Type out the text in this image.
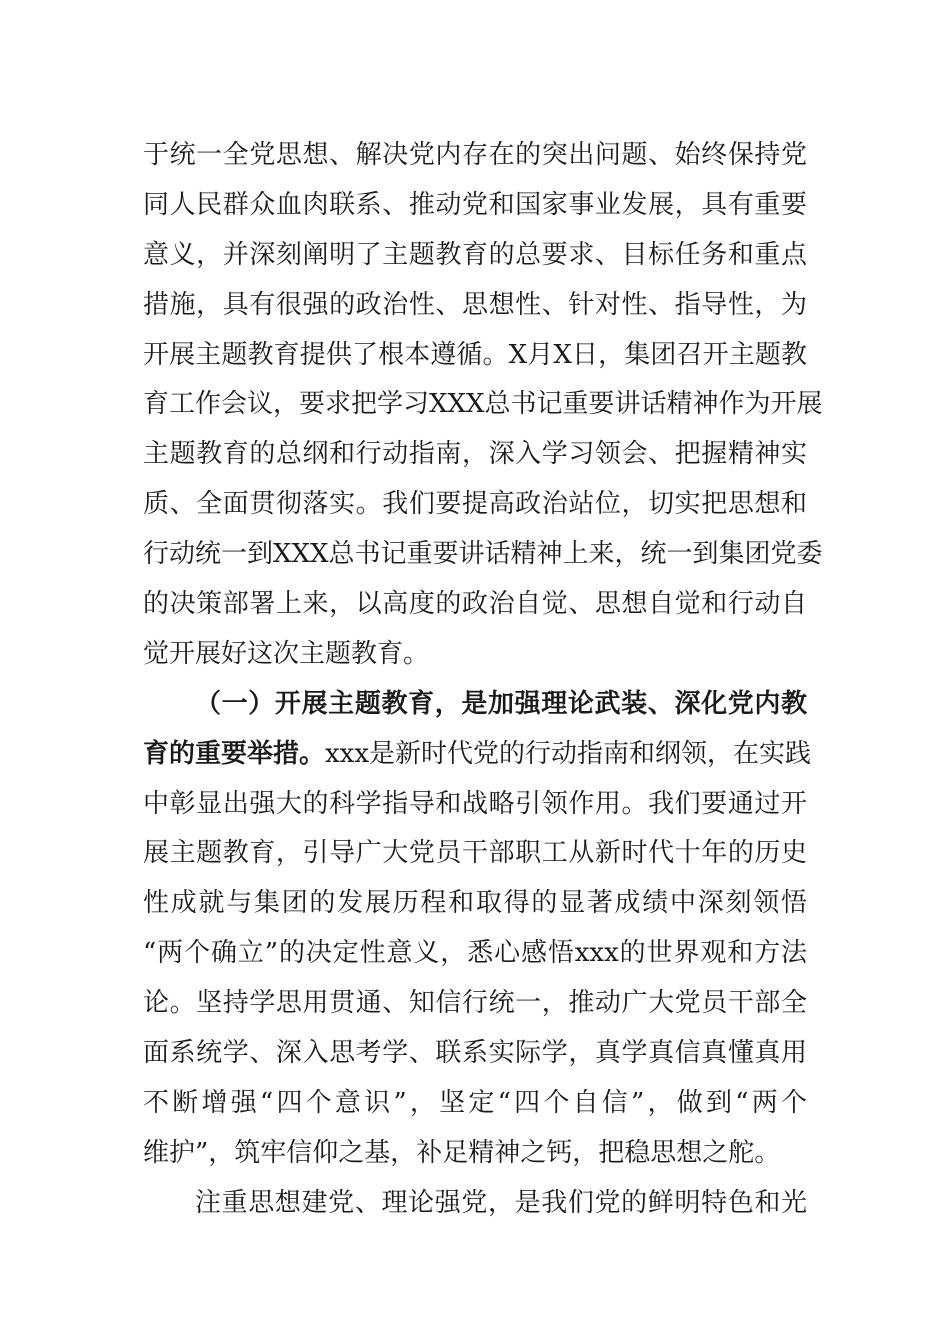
于统一全党思想、解决党内存在的突出问题、始终保持党
同人民群众血肉联系、推动党和国家事业发展，具有重要
意义，并深刻阐明了主题教育的总要求、目标任务和重点
措施，具有很强的政治性、思想性、针对性、指导性，为
开展主题教育提供了根本遵循。X月X日，集团召开主题教
育工作会议，要求把学习XXX总书记重要讲话精神作为开展
主题教育的总纲和行动指南，深入学习领会、把握精神实
质、全面贯彻落实。我们要提高政治站位，切实把思想和
行动统一到XXX总书记重要讲话精神上来，统一到集团党委
的决策部署上来，以高度的政治自觉、思想自觉和行动自
觉开展好这次主题教育。
（一）开展主题教育，是加强理论武装、深化党内教
育的重要举措。xxx是新时代党的行动指南和纲领，在实践
中彰显出强大的科学指导和战略引领作用。我们要通过开
展主题教育，引导广大党员干部职工从新时代十年的历史
性成就与集团的发展历程和取得的显著成绩中深刻领悟
“两个确立”的决定性意义，悉心感悟xxx的世界观和方法
论。坚持学思用贯通、知信行统一，推动广大党员干部全
面系统学、深入思考学、联系实际学，真学真信真懂真用
不断增强“四个意识”，坚定“四个自信”，做到“两个
维护”，筑牢信仰之基，补足精神之钙，把稳思想之舵。
注重思想建党、理论强党，是我们党的鲜明特色和光
